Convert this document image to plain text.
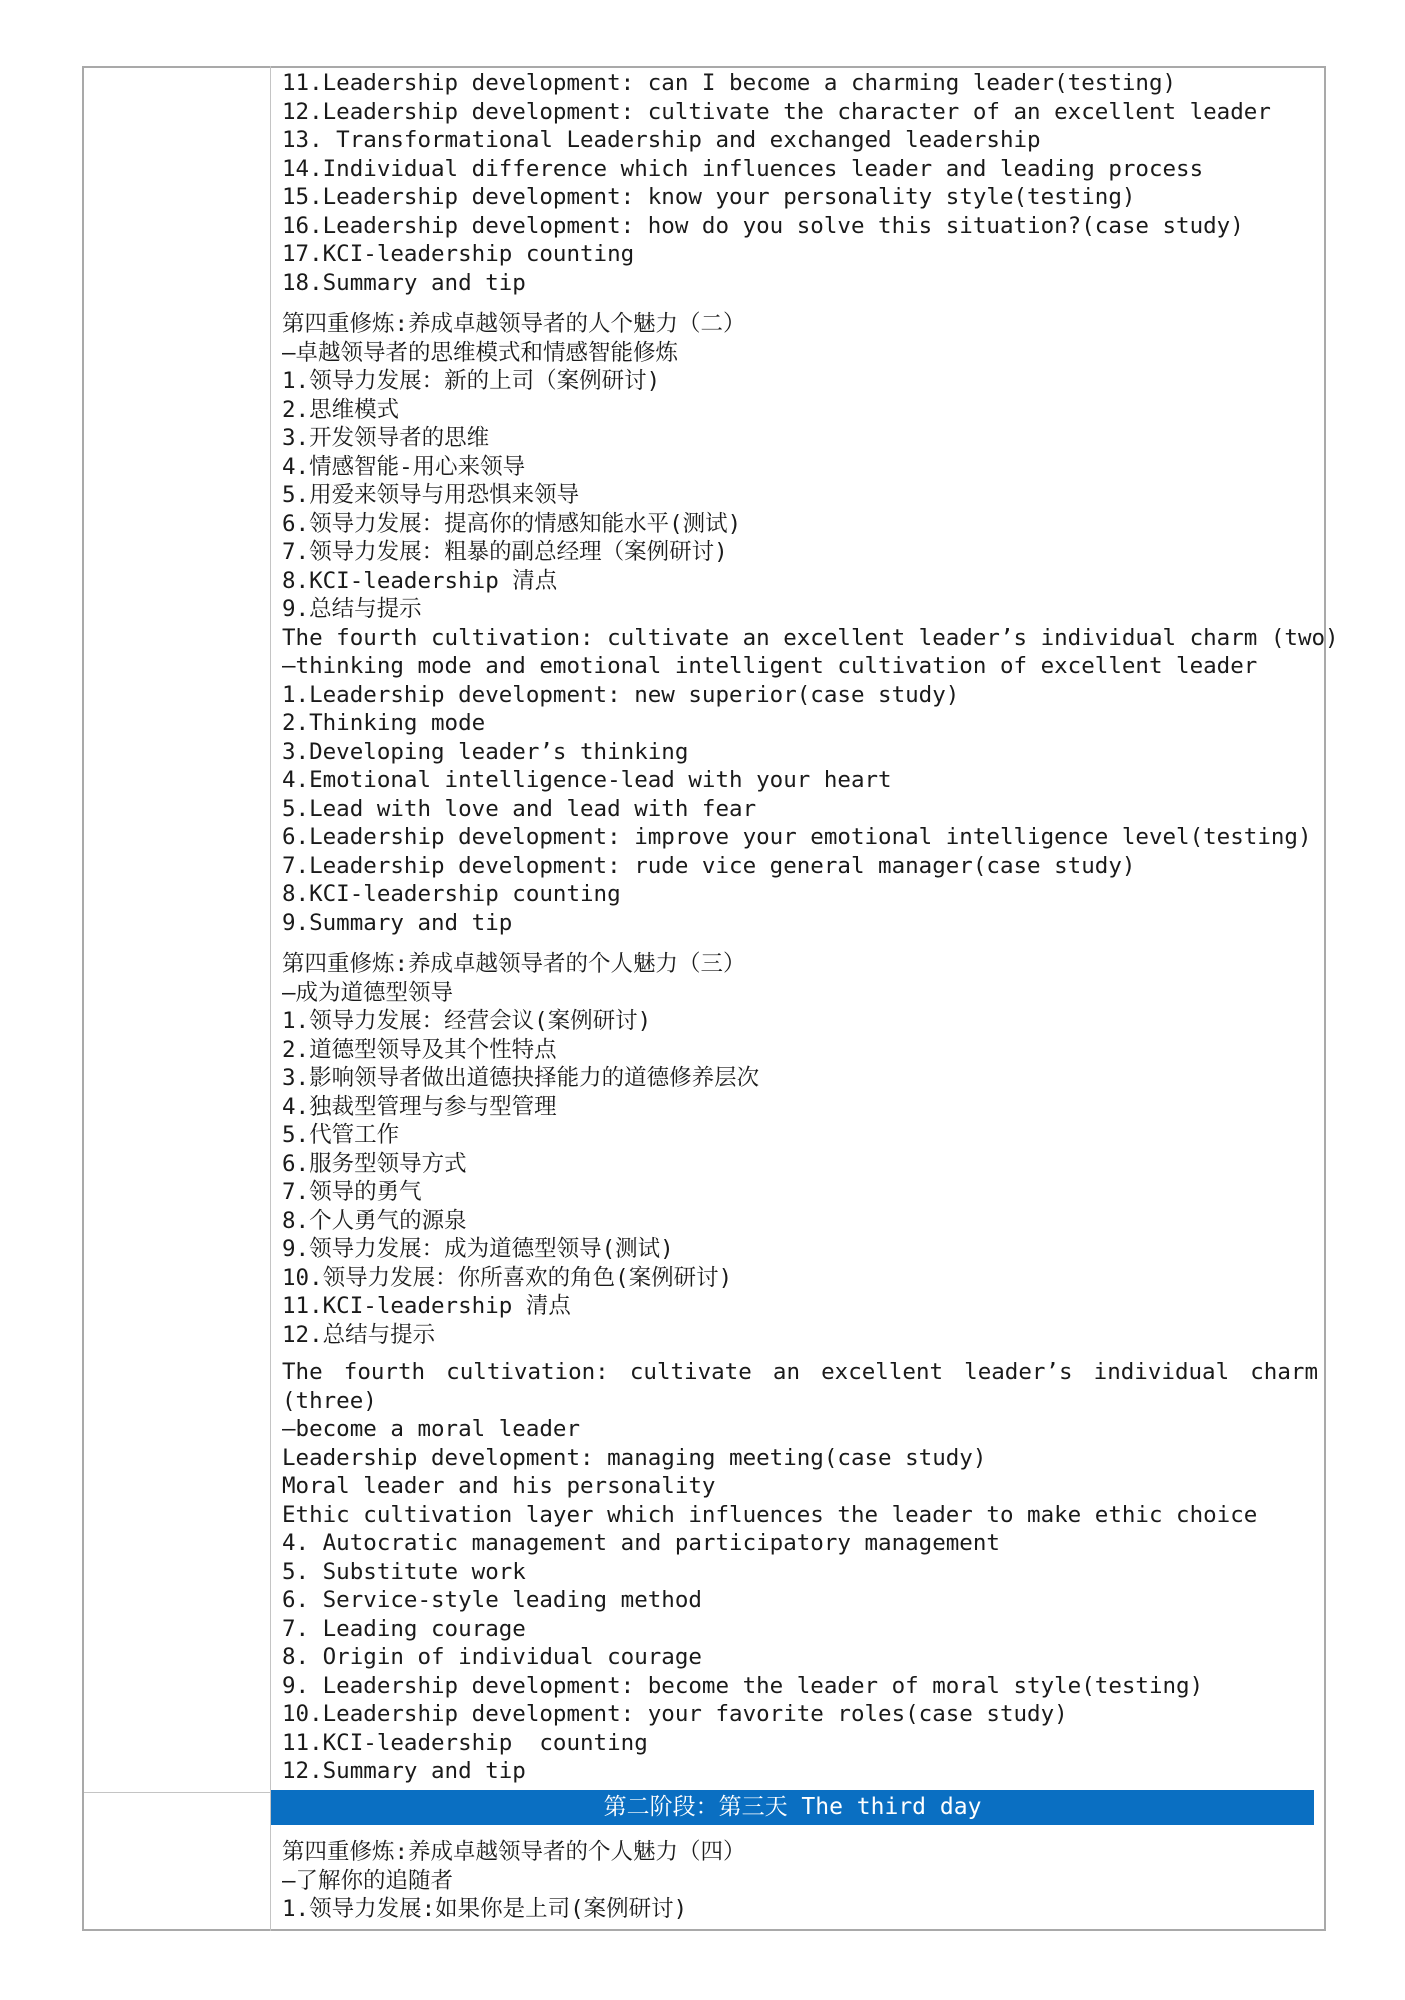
11.Leadership development: can I become a charming leader(testing)
12.Leadership development: cultivate the character of an excellent leader
13. Transformational Leadership and exchanged leadership
14.Individual difference which influences leader and leading process
15.Leadership development: know your personality style(testing)
16.Leadership development: how do you solve this situation?(case study)
17.KCI-leadership counting
18.Summary and tip
第四重修炼:养成卓越领导者的人个魅力（二）
—卓越领导者的思维模式和情感智能修炼
1.领导力发展：新的上司（案例研讨)
2.思维模式
3.开发领导者的思维
4.情感智能-用心来领导
5.用爱来领导与用恐惧来领导
6.领导力发展：提高你的情感知能水平(测试)
7.领导力发展：粗暴的副总经理（案例研讨)
8.KCI-leadership 清点
9.总结与提示
The fourth cultivation: cultivate an excellent leader’s individual charm (two)
—thinking mode and emotional intelligent cultivation of excellent leader
1.Leadership development: new superior(case study)
2.Thinking mode
3.Developing leader’s thinking
4.Emotional intelligence-lead with your heart
5.Lead with love and lead with fear
6.Leadership development: improve your emotional intelligence level(testing)
7.Leadership development: rude vice general manager(case study)
8.KCI-leadership counting
9.Summary and tip
第四重修炼:养成卓越领导者的个人魅力（三）
—成为道德型领导
1.领导力发展：经营会议(案例研讨)
2.道德型领导及其个性特点
3.影响领导者做出道德抉择能力的道德修养层次
4.独裁型管理与参与型管理
5.代管工作
6.服务型领导方式
7.领导的勇气
8.个人勇气的源泉
9.领导力发展：成为道德型领导(测试)
10.领导力发展：你所喜欢的角色(案例研讨)
11.KCI-leadership 清点
12.总结与提示
The fourth cultivation: cultivate an excellent leader’s individual charm
(three)
—become a moral leader
Leadership development: managing meeting(case study)
Moral leader and his personality
Ethic cultivation layer which influences the leader to make ethic choice
4. Autocratic management and participatory management
5. Substitute work
6. Service-style leading method
7. Leading courage
8. Origin of individual courage
9. Leadership development: become the leader of moral style(testing)
10.Leadership development: your favorite roles(case study)
11.KCI-leadership  counting
12.Summary and tip
第二阶段：第三天 The third day
第四重修炼:养成卓越领导者的个人魅力（四）
—了解你的追随者
1.领导力发展:如果你是上司(案例研讨)
